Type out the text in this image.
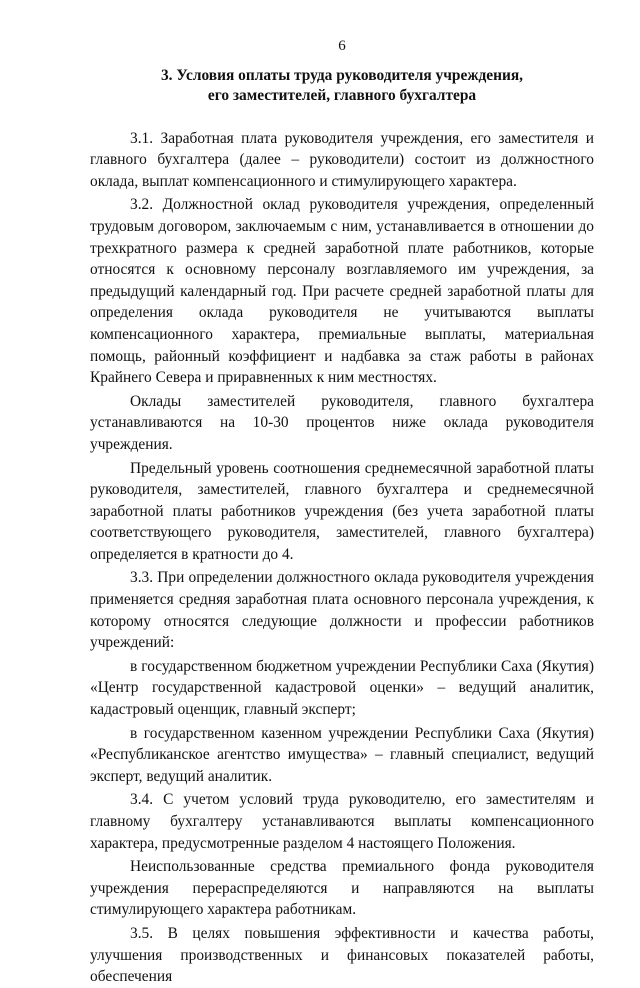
6
3. Условия оплаты труда руководителя учреждения,
его заместителей, главного бухгалтера

3.1. Заработная плата руководителя учреждения, его заместителя и главного бухгалтера (далее – руководители) состоит из должностного оклада, выплат компенсационного и стимулирующего характера.

3.2. Должностной оклад руководителя учреждения, определенный трудовым договором, заключаемым с ним, устанавливается в отношении до трехкратного размера к средней заработной плате работников, которые относятся к основному персоналу возглавляемого им учреждения, за предыдущий календарный год. При расчете средней заработной платы для определения оклада руководителя не учитываются выплаты компенсационного характера, премиальные выплаты, материальная помощь, районный коэффициент и надбавка за стаж работы в районах Крайнего Севера и приравненных к ним местностях.

Оклады заместителей руководителя, главного бухгалтера устанавливаются на 10-30 процентов ниже оклада руководителя учреждения.

Предельный уровень соотношения среднемесячной заработной платы руководителя, заместителей, главного бухгалтера и среднемесячной заработной платы работников учреждения (без учета заработной платы соответствующего руководителя, заместителей, главного бухгалтера) определяется в кратности до 4.

3.3. При определении должностного оклада руководителя учреждения применяется средняя заработная плата основного персонала учреждения, к которому относятся следующие должности и профессии работников учреждений:

в государственном бюджетном учреждении Республики Саха (Якутия) «Центр государственной кадастровой оценки» – ведущий аналитик, кадастровый оценщик, главный эксперт;

в государственном казенном учреждении Республики Саха (Якутия) «Республиканское агентство имущества» – главный специалист, ведущий эксперт, ведущий аналитик.

3.4. С учетом условий труда руководителю, его заместителям и главному бухгалтеру устанавливаются выплаты компенсационного характера, предусмотренные разделом 4 настоящего Положения.

Неиспользованные средства премиального фонда руководителя учреждения перераспределяются и направляются на выплаты стимулирующего характера работникам.

3.5. В целях повышения эффективности и качества работы, улучшения производственных и финансовых показателей работы, обеспечения
